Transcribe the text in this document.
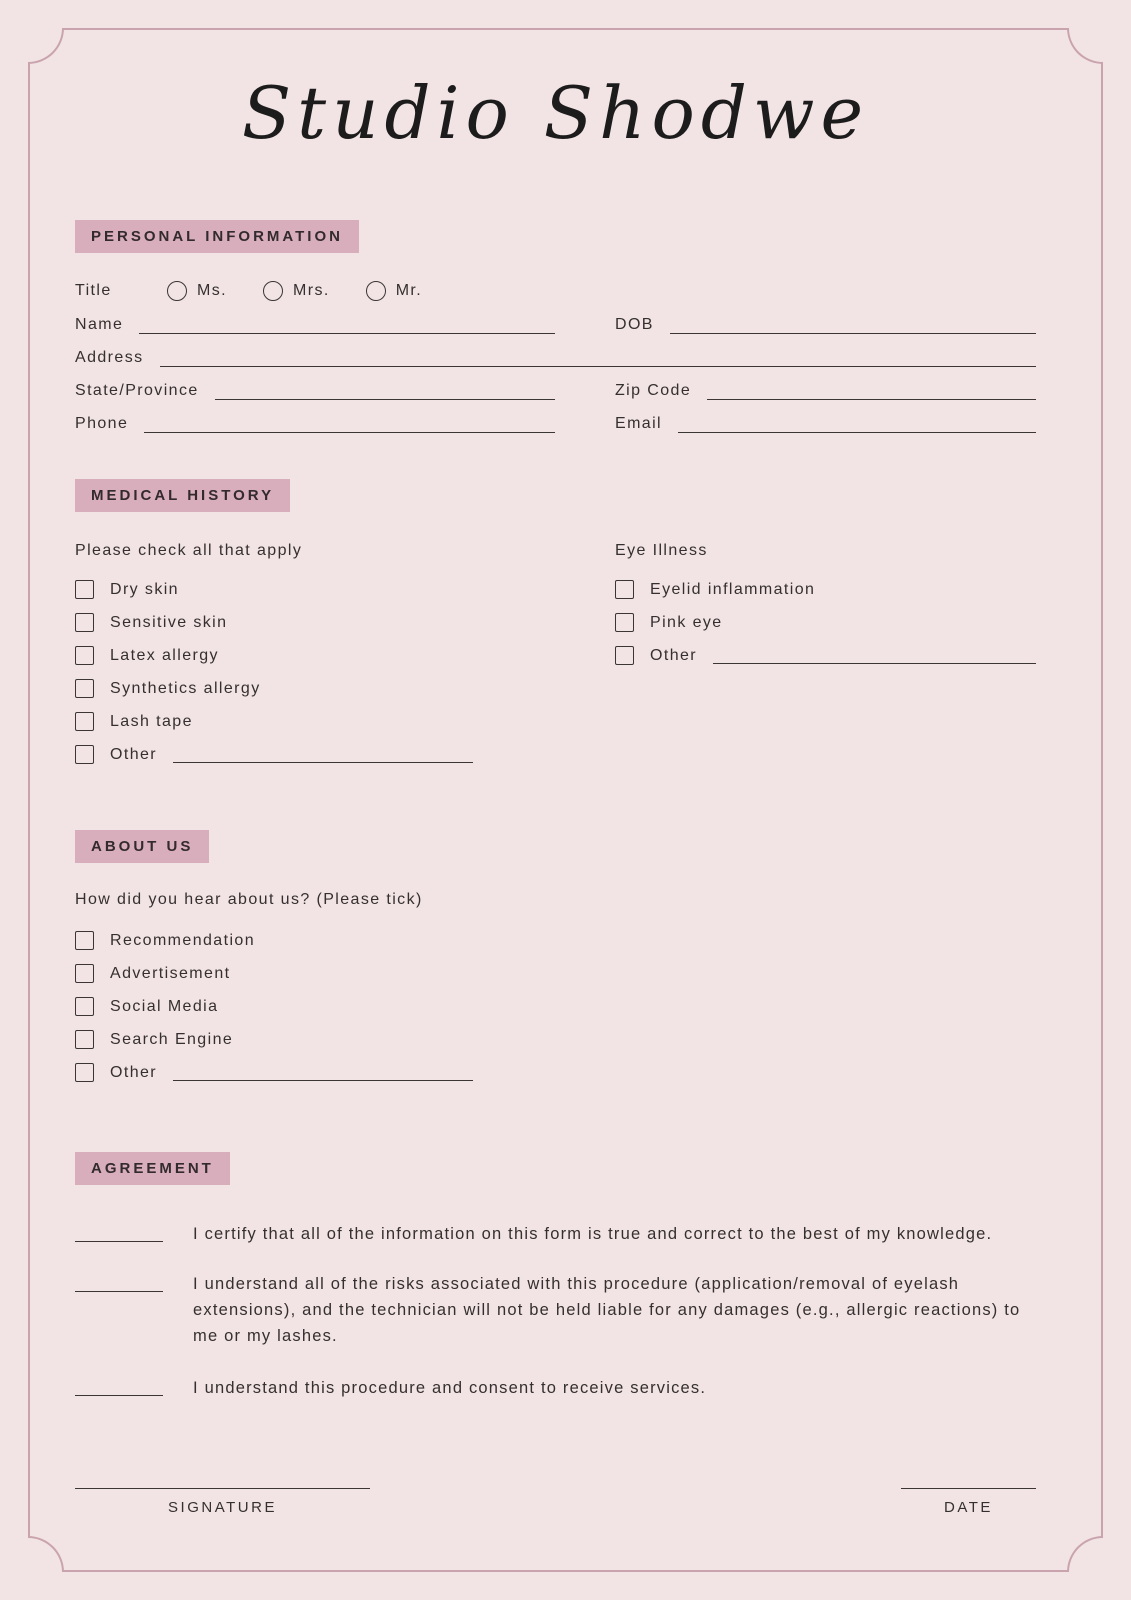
Studio Shodwe
PERSONAL INFORMATION
Title	Ms.	Mrs.	Mr.
Name	DOB
Address
State/Province	Zip Code
Phone	Email
MEDICAL HISTORY

Please check all that apply

Dry skin
Sensitive skin
Latex allergy
Synthetics allergy
Lash tape
Other

Eye Illness

Eyelid inflammation
Pink eye
Other
ABOUT US

How did you hear about us? (Please tick)

Recommendation
Advertisement
Social Media
Search Engine
Other
AGREEMENT

I certify that all of the information on this form is true and correct to the best of my knowledge.

I understand all of the risks associated with this procedure (application/removal of eyelash extensions), and the technician will not be held liable for any damages (e.g., allergic reactions) to me or my lashes.

I understand this procedure and consent to receive services.

SIGNATURE	DATE
